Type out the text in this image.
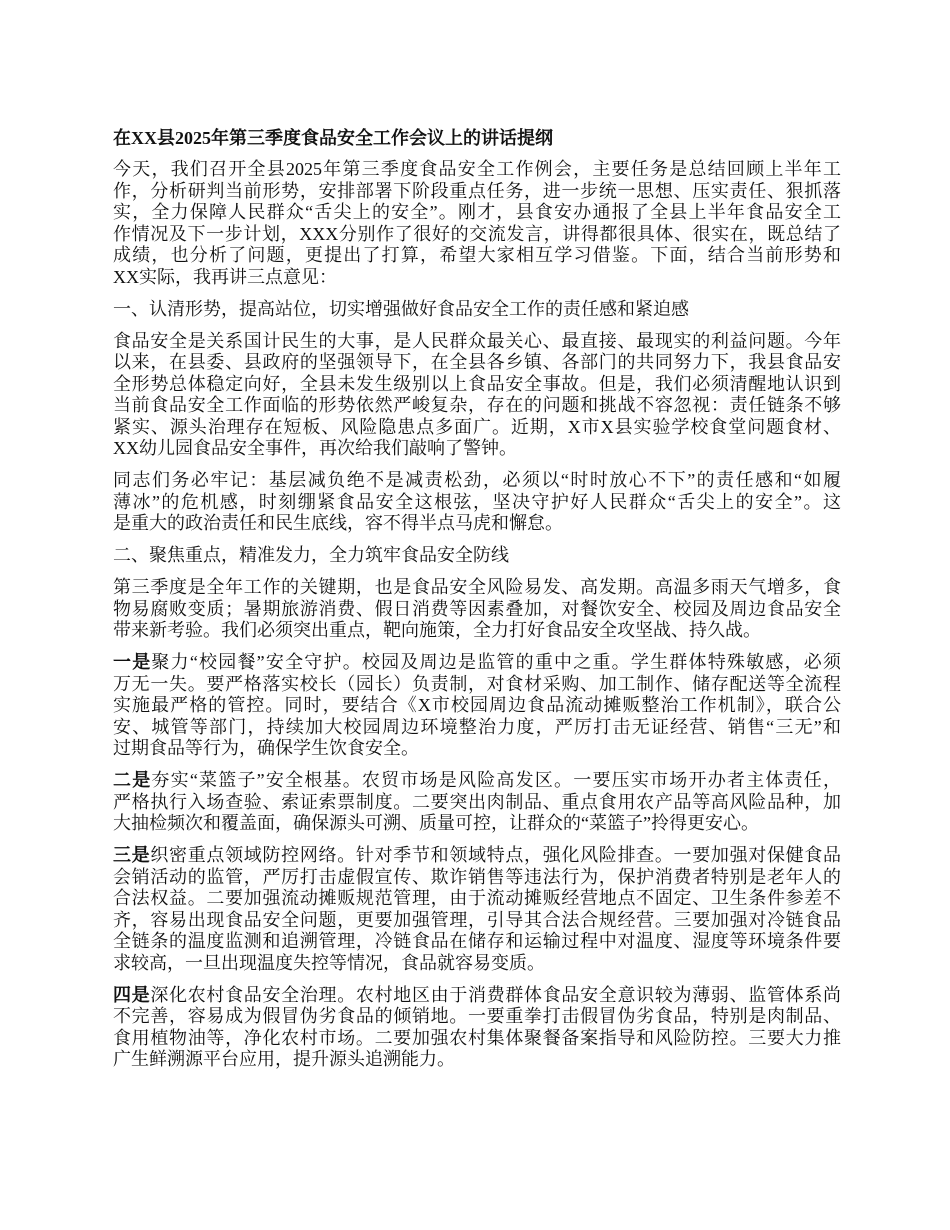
在XX县2025年第三季度食品安全工作会议上的讲话提纲
今天，我们召开全县2025年第三季度食品安全工作例会，主要任务是总结回顾上半年工
作，分析研判当前形势，安排部署下阶段重点任务，进一步统一思想、压实责任、狠抓落
实，全力保障人民群众“舌尖上的安全”。刚才，县食安办通报了全县上半年食品安全工
作情况及下一步计划，XXX分别作了很好的交流发言，讲得都很具体、很实在，既总结了
成绩，也分析了问题，更提出了打算，希望大家相互学习借鉴。下面，结合当前形势和
XX实际，我再讲三点意见：
一、认清形势，提高站位，切实增强做好食品安全工作的责任感和紧迫感
食品安全是关系国计民生的大事，是人民群众最关心、最直接、最现实的利益问题。今年
以来，在县委、县政府的坚强领导下，在全县各乡镇、各部门的共同努力下，我县食品安
全形势总体稳定向好，全县未发生级别以上食品安全事故。但是，我们必须清醒地认识到
当前食品安全工作面临的形势依然严峻复杂，存在的问题和挑战不容忽视：责任链条不够
紧实、源头治理存在短板、风险隐患点多面广。近期，X市X县实验学校食堂问题食材、
XX幼儿园食品安全事件，再次给我们敲响了警钟。
同志们务必牢记：基层减负绝不是减责松劲，必须以“时时放心不下”的责任感和“如履
薄冰”的危机感，时刻绷紧食品安全这根弦，坚决守护好人民群众“舌尖上的安全”。这
是重大的政治责任和民生底线，容不得半点马虎和懈怠。
二、聚焦重点，精准发力，全力筑牢食品安全防线
第三季度是全年工作的关键期，也是食品安全风险易发、高发期。高温多雨天气增多，食
物易腐败变质；暑期旅游消费、假日消费等因素叠加，对餐饮安全、校园及周边食品安全
带来新考验。我们必须突出重点，靶向施策，全力打好食品安全攻坚战、持久战。
一是聚力“校园餐”安全守护。校园及周边是监管的重中之重。学生群体特殊敏感，必须
万无一失。要严格落实校长（园长）负责制，对食材采购、加工制作、储存配送等全流程
实施最严格的管控。同时，要结合《X市校园周边食品流动摊贩整治工作机制》，联合公
安、城管等部门，持续加大校园周边环境整治力度，严厉打击无证经营、销售“三无”和
过期食品等行为，确保学生饮食安全。
二是夯实“菜篮子”安全根基。农贸市场是风险高发区。一要压实市场开办者主体责任，
严格执行入场查验、索证索票制度。二要突出肉制品、重点食用农产品等高风险品种，加
大抽检频次和覆盖面，确保源头可溯、质量可控，让群众的“菜篮子”拎得更安心。
三是织密重点领域防控网络。针对季节和领域特点，强化风险排查。一要加强对保健食品
会销活动的监管，严厉打击虚假宣传、欺诈销售等违法行为，保护消费者特别是老年人的
合法权益。二要加强流动摊贩规范管理，由于流动摊贩经营地点不固定、卫生条件参差不
齐，容易出现食品安全问题，更要加强管理，引导其合法合规经营。三要加强对冷链食品
全链条的温度监测和追溯管理，冷链食品在储存和运输过程中对温度、湿度等环境条件要
求较高，一旦出现温度失控等情况，食品就容易变质。
四是深化农村食品安全治理。农村地区由于消费群体食品安全意识较为薄弱、监管体系尚
不完善，容易成为假冒伪劣食品的倾销地。一要重拳打击假冒伪劣食品，特别是肉制品、
食用植物油等，净化农村市场。二要加强农村集体聚餐备案指导和风险防控。三要大力推
广生鲜溯源平台应用，提升源头追溯能力。
